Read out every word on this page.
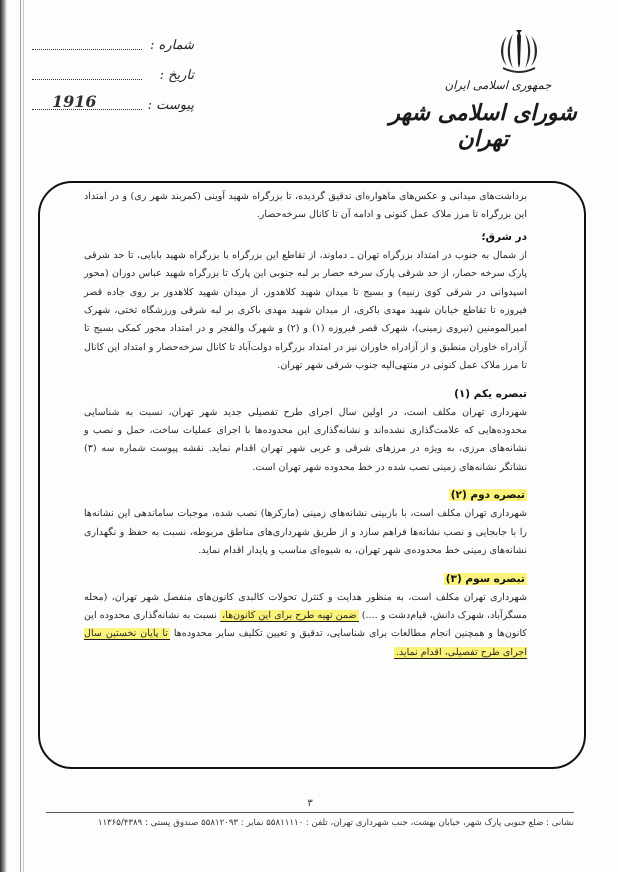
شماره :
تاریخ :
پیوست :
1916
جمهوری اسلامی ایران
شورای اسلامی شهر تهران

برداشت‌های میدانی و عکس‌های ماهواره‌ای تدقیق گردیده، تا بزرگراه شهید آوینی (کمربند شهر ری) و در امتداد این بزرگراه تا مرز ملاک عمل کنونی و ادامه آن تا کانال سرخه‌حصار.

در شرق؛

از شمال به جنوب در امتداد بزرگراه تهران ـ دماوند، از تقاطع این بزرگراه با بزرگراه شهید بابایی، تا حد شرقی پارک سرخه حصار، از حد شرقی پارک سرخه حصار بر لبه جنوبی این پارک تا بزرگراه شهید عباس دوران (محور اسپدوانی در شرقی کوی زنبیه) و بسیج تا میدان شهید کلاهدوز، از میدان شهید کلاهدوز بر روی جاده قصر فیروزه تا تقاطع خیابان شهید مهدی باکری، از میدان شهید مهدی باکری بر لبه شرقی ورزشگاه تختی، شهرک امیرالمومنین (نیروی زمینی)، شهرک قصر فیروزه (۱) و (۲) و شهرک والفجر و در امتداد محور کمکی بسیج تا آزادراه خاوران منطبق و از آزادراه خاوران نیز در امتداد بزرگراه دولت‌آباد تا کانال سرخه‌حصار و امتداد این کانال تا مرز ملاک عمل کنونی در منتهی‌الیه جنوب شرقی شهر تهران.

تبصره یکم (۱)

شهرداری تهران مکلف است، در اولین سال اجرای طرح تفصیلی جدید شهر تهران، نسبت به شناسایی محدوده‌هایی که علامت‌گذاری نشده‌اند و نشانه‌گذاری این محدوده‌ها با اجرای عملیات ساخت، حمل و نصب و نشانه‌های مرزی، به ویژه در مرزهای شرقی و غربی شهر تهران اقدام نماید. نقشه پیوست شماره سه (۳) نشانگر نشانه‌های زمینی نصب شده در خط محدوده شهر تهران است.

تبصره دوم (۲)

شهرداری تهران مکلف است، با بازبینی نشانه‌های زمینی (مارکرها) نصب شده، موجبات ساماندهی این نشانه‌ها را با جابجایی و نصب نشانه‌ها فراهم سازد و از طریق شهرداری‌های مناطق مربوطه، نسبت به حفظ و نگهداری نشانه‌های زمینی خط محدوده‌ی شهر تهران، به شیوه‌ای مناسب و پایدار اقدام نماید.

تبصره سوم (۳)

شهرداری تهران مکلف است، به منظور هدایت و کنترل تحولات کالبدی کانون‌های منفصل شهر تهران، (محله مسگرآباد، شهرک دانش، قیام‌دشت و ....) ضمن تهیه طرح برای این کانون‌ها، نسبت به نشانه‌گذاری محدوده این کانون‌ها و همچنین انجام مطالعات برای شناسایی، تدقیق و تعیین تکلیف سایر محدوده‌ها تا پایان نخستین سال اجرای طرح تفصیلی، اقدام نماید.

۳
نشانی : ضلع جنوبی پارک شهر، خیابان بهشت، جنب شهرداری تهران، تلفن : ۵۵۸۱۱۱۱۰ نمابر : ۵۵۸۱۲۰۹۳ صندوق پستی : ۱۱۳۶۵/۴۳۸۹
